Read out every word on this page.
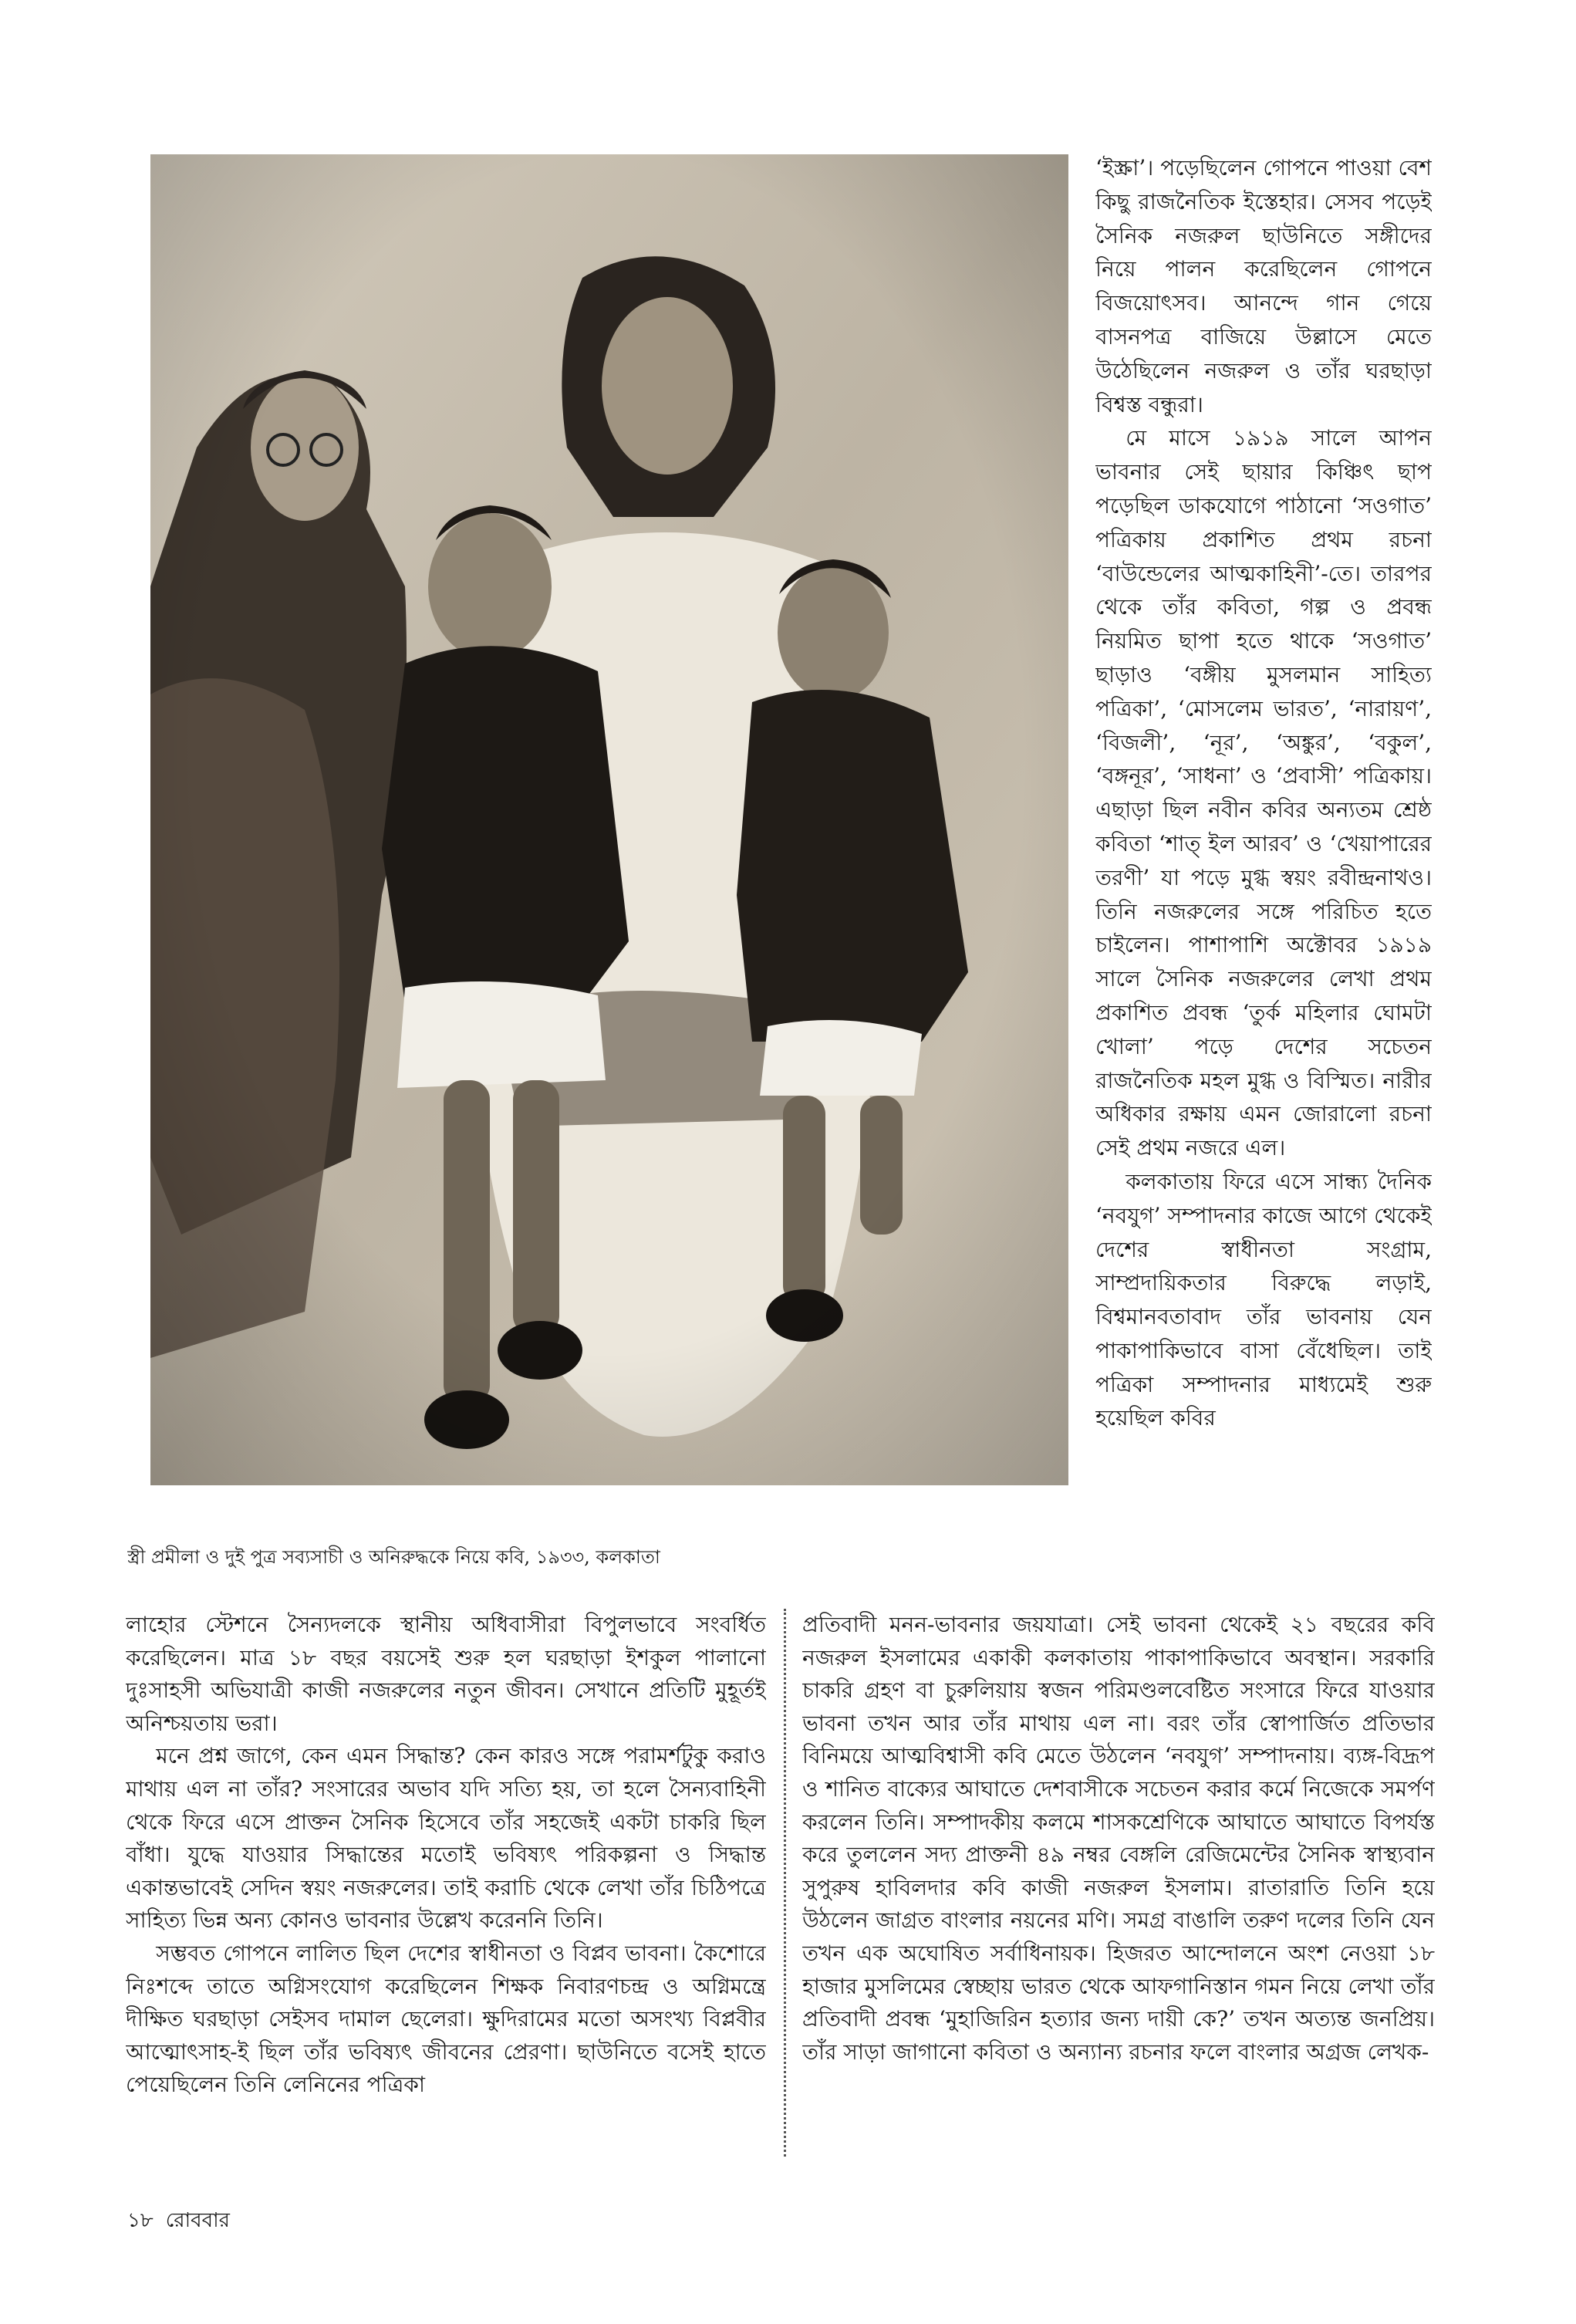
স্ত্রী প্রমীলা ও দুই পুত্র সব্যসাচী ও অনিরুদ্ধকে নিয়ে কবি, ১৯৩৩, কলকাতা

‘ইস্ক্রা’। পড়েছিলেন গোপনে পাওয়া বেশ কিছু রাজনৈতিক ইস্তেহার। সেসব পড়েই সৈনিক নজরুল ছাউনিতে সঙ্গীদের নিয়ে পালন করেছিলেন গোপনে বিজয়োৎসব। আনন্দে গান গেয়ে বাসনপত্র বাজিয়ে উল্লাসে মেতে উঠেছিলেন নজরুল ও তাঁর ঘরছাড়া বিশ্বস্ত বন্ধুরা।

মে মাসে ১৯১৯ সালে আপন ভাবনার সেই ছায়ার কিঞ্চিৎ ছাপ পড়েছিল ডাকযোগে পাঠানো ‘সওগাত’ পত্রিকায় প্রকাশিত প্রথম রচনা ‘বাউন্ডেলের আত্মকাহিনী’-তে। তারপর থেকে তাঁর কবিতা, গল্প ও প্রবন্ধ নিয়মিত ছাপা হতে থাকে ‘সওগাত’ ছাড়াও ‘বঙ্গীয় মুসলমান সাহিত্য পত্রিকা’, ‘মোসলেম ভারত’, ‘নারায়ণ’, ‘বিজলী’, ‘নূর’, ‘অঙ্কুর’, ‘বকুল’, ‘বঙ্গনূর’, ‘সাধনা’ ও ‘প্রবাসী’ পত্রিকায়। এছাড়া ছিল নবীন কবির অন্যতম শ্রেষ্ঠ কবিতা ‘শাত্ ইল আরব’ ও ‘খেয়াপারের তরণী’ যা পড়ে মুগ্ধ স্বয়ং রবীন্দ্রনাথও। তিনি নজরুলের সঙ্গে পরিচিত হতে চাইলেন। পাশাপাশি অক্টোবর ১৯১৯ সালে সৈনিক নজরুলের লেখা প্রথম প্রকাশিত প্রবন্ধ ‘তুর্ক মহিলার ঘোমটা খোলা’ পড়ে দেশের সচেতন রাজনৈতিক মহল মুগ্ধ ও বিস্মিত। নারীর অধিকার রক্ষায় এমন জোরালো রচনা সেই প্রথম নজরে এল।

কলকাতায় ফিরে এসে সান্ধ্য দৈনিক ‘নবযুগ’ সম্পাদনার কাজে আগে থেকেই দেশের স্বাধীনতা সংগ্রাম, সাম্প্রদায়িকতার বিরুদ্ধে লড়াই, বিশ্বমানবতাবাদ তাঁর ভাবনায় যেন পাকাপাকিভাবে বাসা বেঁধেছিল। তাই পত্রিকা সম্পাদনার মাধ্যমেই শুরু হয়েছিল কবির

লাহোর স্টেশনে সৈন্যদলকে স্থানীয় অধিবাসীরা বিপুলভাবে সংবর্ধিত করেছিলেন। মাত্র ১৮ বছর বয়সেই শুরু হল ঘরছাড়া ইশকুল পালানো দুঃসাহসী অভিযাত্রী কাজী নজরুলের নতুন জীবন। সেখানে প্রতিটি মুহূর্তই অনিশ্চয়তায় ভরা।

মনে প্রশ্ন জাগে, কেন এমন সিদ্ধান্ত? কেন কারও সঙ্গে পরামর্শটুকু করাও মাথায় এল না তাঁর? সংসারের অভাব যদি সত্যি হয়, তা হলে সৈন্যবাহিনী থেকে ফিরে এসে প্রাক্তন সৈনিক হিসেবে তাঁর সহজেই একটা চাকরি ছিল বাঁধা। যুদ্ধে যাওয়ার সিদ্ধান্তের মতোই ভবিষ্যৎ পরিকল্পনা ও সিদ্ধান্ত একান্তভাবেই সেদিন স্বয়ং নজরুলের। তাই করাচি থেকে লেখা তাঁর চিঠিপত্রে সাহিত্য ভিন্ন অন্য কোনও ভাবনার উল্লেখ করেননি তিনি।

সম্ভবত গোপনে লালিত ছিল দেশের স্বাধীনতা ও বিপ্লব ভাবনা। কৈশোরে নিঃশব্দে তাতে অগ্নিসংযোগ করেছিলেন শিক্ষক নিবারণচন্দ্র ও অগ্নিমন্ত্রে দীক্ষিত ঘরছাড়া সেইসব দামাল ছেলেরা। ক্ষুদিরামের মতো অসংখ্য বিপ্লবীর আত্মোৎসাহ-ই ছিল তাঁর ভবিষ্যৎ জীবনের প্রেরণা। ছাউনিতে বসেই হাতে পেয়েছিলেন তিনি লেনিনের পত্রিকা

প্রতিবাদী মনন-ভাবনার জয়যাত্রা। সেই ভাবনা থেকেই ২১ বছরের কবি নজরুল ইসলামের একাকী কলকাতায় পাকাপাকিভাবে অবস্থান। সরকারি চাকরি গ্রহণ বা চুরুলিয়ায় স্বজন পরিমণ্ডলবেষ্টিত সংসারে ফিরে যাওয়ার ভাবনা তখন আর তাঁর মাথায় এল না। বরং তাঁর স্বোপার্জিত প্রতিভার বিনিময়ে আত্মবিশ্বাসী কবি মেতে উঠলেন ‘নবযুগ’ সম্পাদনায়। ব্যঙ্গ-বিদ্রূপ ও শানিত বাক্যের আঘাতে দেশবাসীকে সচেতন করার কর্মে নিজেকে সমর্পণ করলেন তিনি। সম্পাদকীয় কলমে শাসকশ্রেণিকে আঘাতে আঘাতে বিপর্যস্ত করে তুললেন সদ্য প্রাক্তনী ৪৯ নম্বর বেঙ্গলি রেজিমেন্টের সৈনিক স্বাস্থ্যবান সুপুরুষ হাবিলদার কবি কাজী নজরুল ইসলাম। রাতারাতি তিনি হয়ে উঠলেন জাগ্রত বাংলার নয়নের মণি। সমগ্র বাঙালি তরুণ দলের তিনি যেন তখন এক অঘোষিত সর্বাধিনায়ক। হিজরত আন্দোলনে অংশ নেওয়া ১৮ হাজার মুসলিমের স্বেচ্ছায় ভারত থেকে আফগানিস্তান গমন নিয়ে লেখা তাঁর প্রতিবাদী প্রবন্ধ ‘মুহাজিরিন হত্যার জন্য দায়ী কে?’ তখন অত্যন্ত জনপ্রিয়। তাঁর সাড়া জাগানো কবিতা ও অন্যান্য রচনার ফলে বাংলার অগ্রজ লেখক-

১৮ রোববার
